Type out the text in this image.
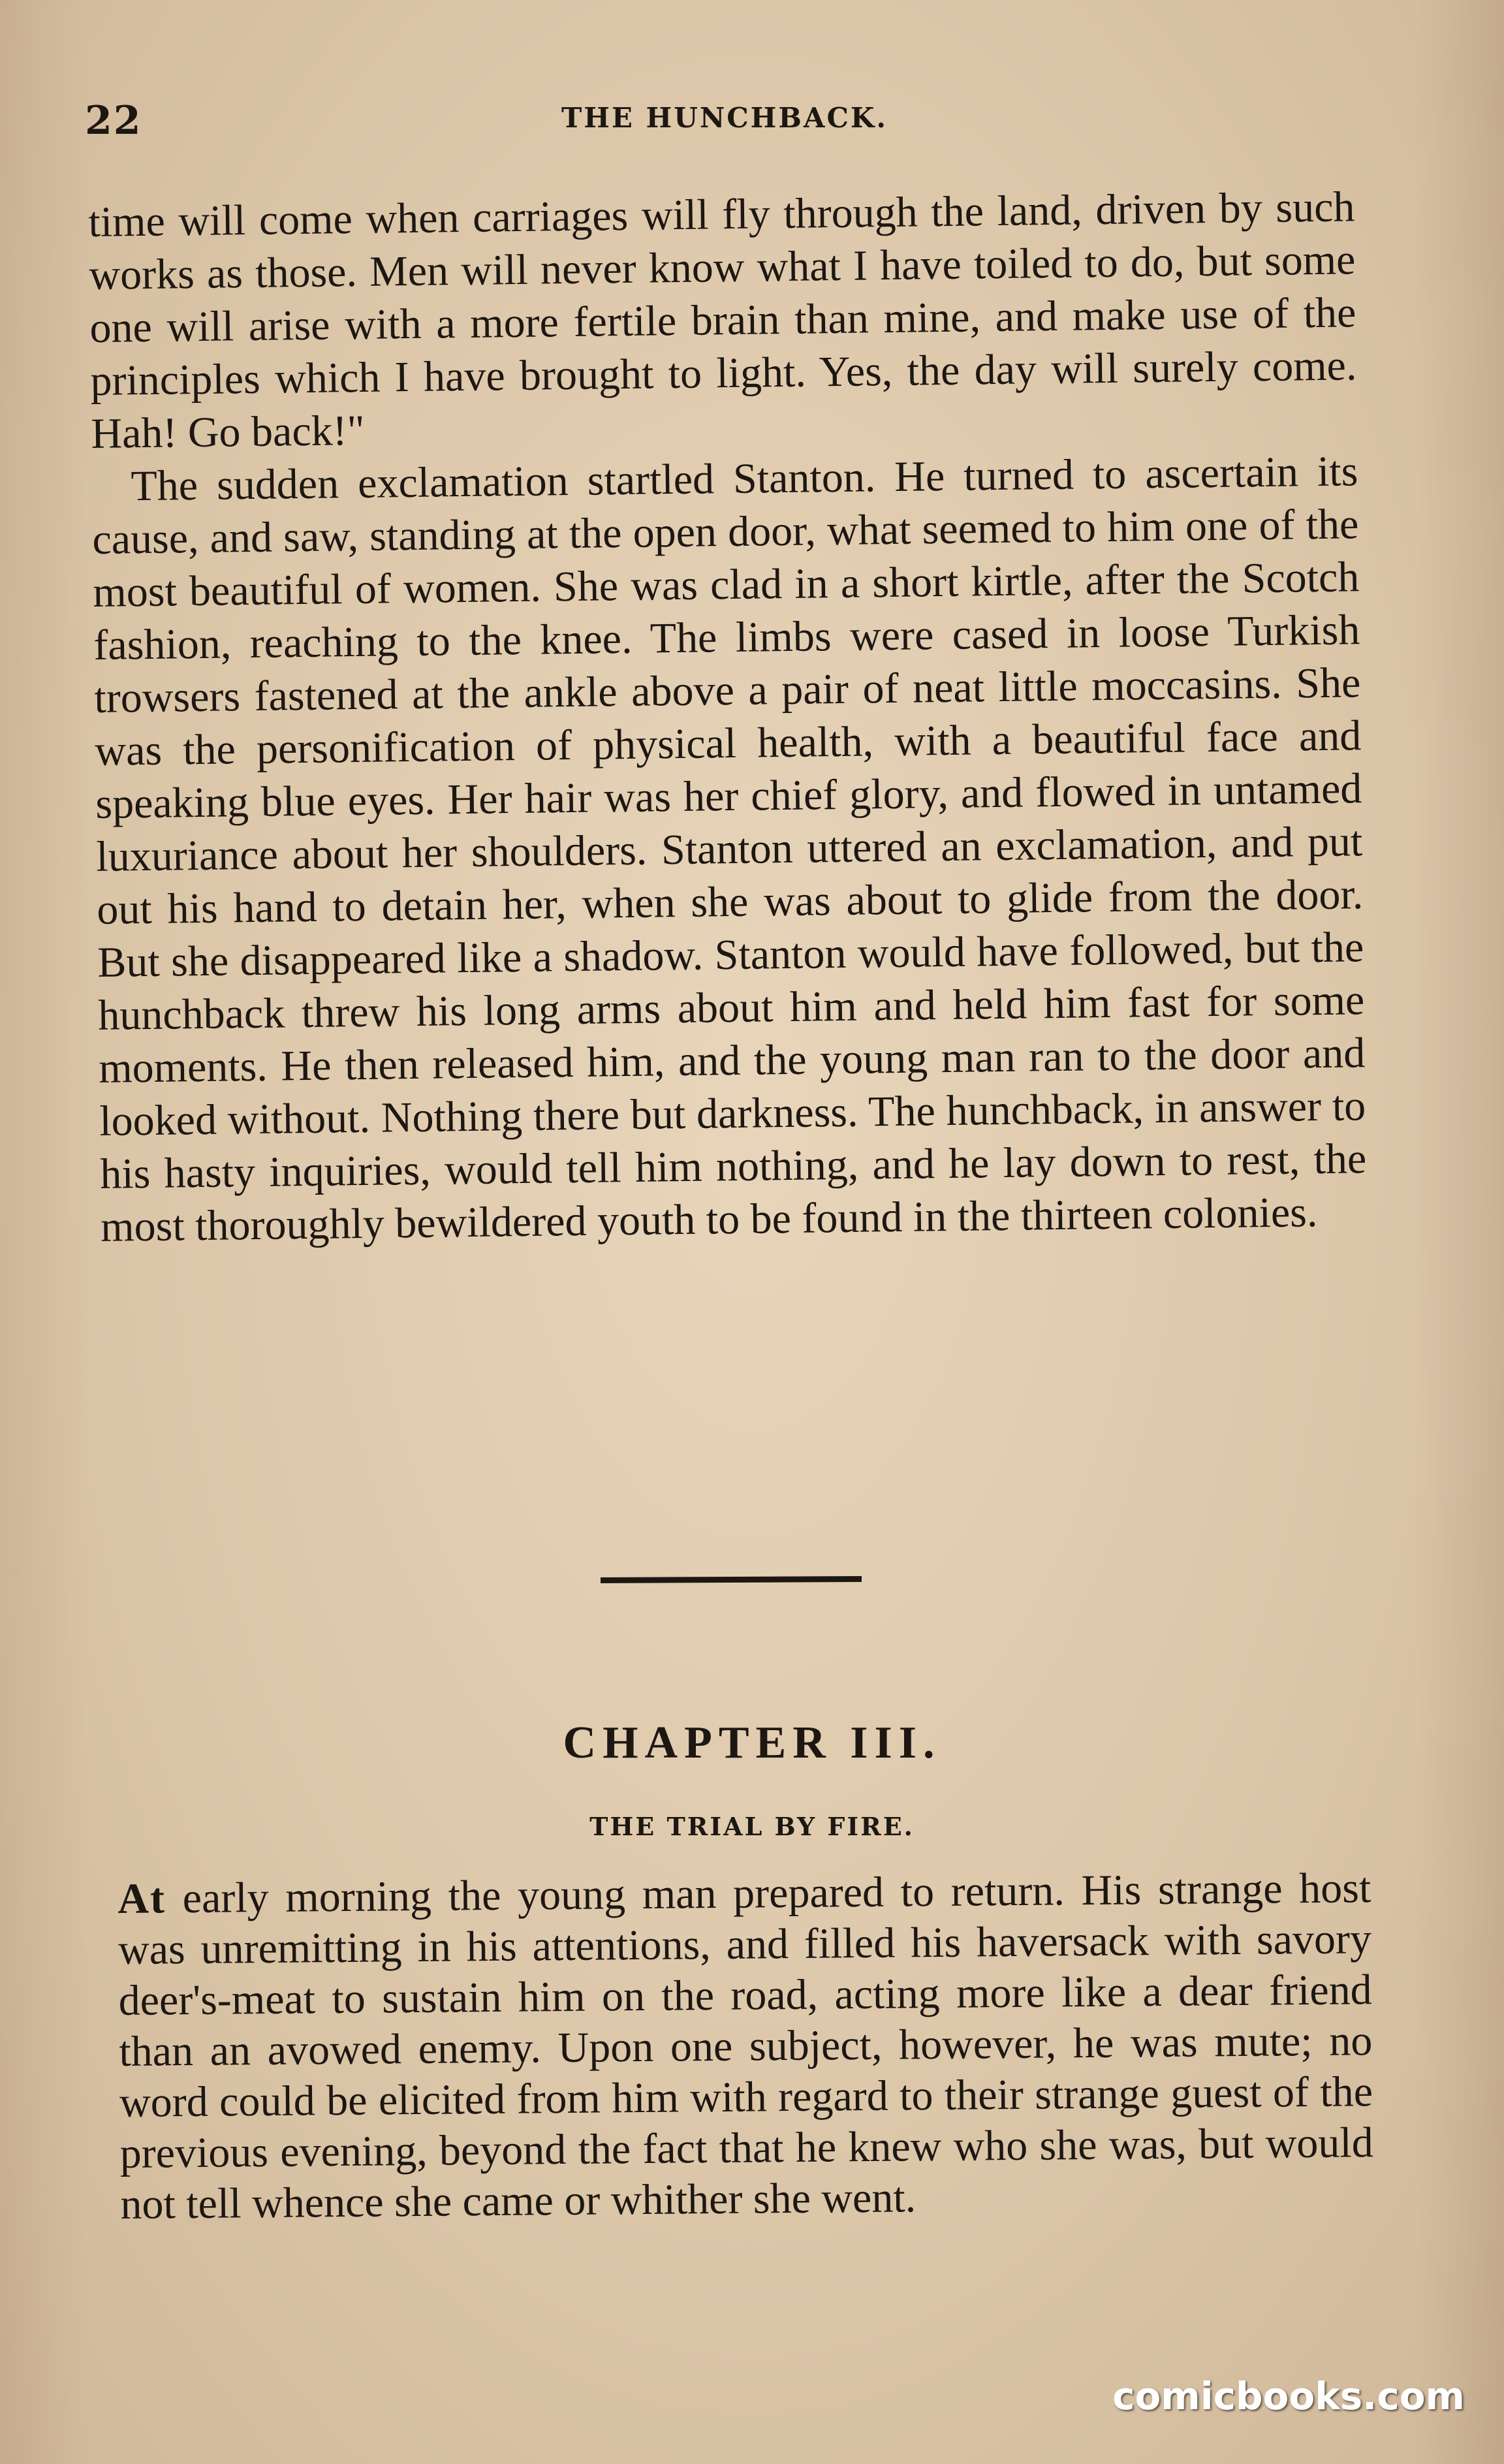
22	THE HUNCHBACK.

time will come when carriages will fly through the land, driven by such works as those. Men will never know what I have toiled to do, but some one will arise with a more fertile brain than mine, and make use of the principles which I have brought to light. Yes, the day will surely come. Hah! Go back!"

The sudden exclamation startled Stanton. He turned to ascertain its cause, and saw, standing at the open door, what seemed to him one of the most beautiful of women. She was clad in a short kirtle, after the Scotch fashion, reaching to the knee. The limbs were cased in loose Turkish trowsers fastened at the ankle above a pair of neat little moccasins. She was the personification of physical health, with a beautiful face and speaking blue eyes. Her hair was her chief glory, and flowed in untamed luxuriance about her shoulders. Stanton uttered an exclamation, and put out his hand to detain her, when she was about to glide from the door. But she disappeared like a shadow. Stanton would have followed, but the hunchback threw his long arms about him and held him fast for some moments. He then released him, and the young man ran to the door and looked without. Nothing there but darkness. The hunchback, in answer to his hasty inquiries, would tell him nothing, and he lay down to rest, the most thoroughly bewildered youth to be found in the thirteen colonies.

CHAPTER III.
THE TRIAL BY FIRE.
At early morning the young man prepared to return. His strange host was unremitting in his attentions, and filled his haversack with savory deer's-meat to sustain him on the road, acting more like a dear friend than an avowed enemy. Upon one subject, however, he was mute; no word could be elicited from him with regard to their strange guest of the previous evening, beyond the fact that he knew who she was, but would not tell whence she came or whither she went.
comicbooks.com
